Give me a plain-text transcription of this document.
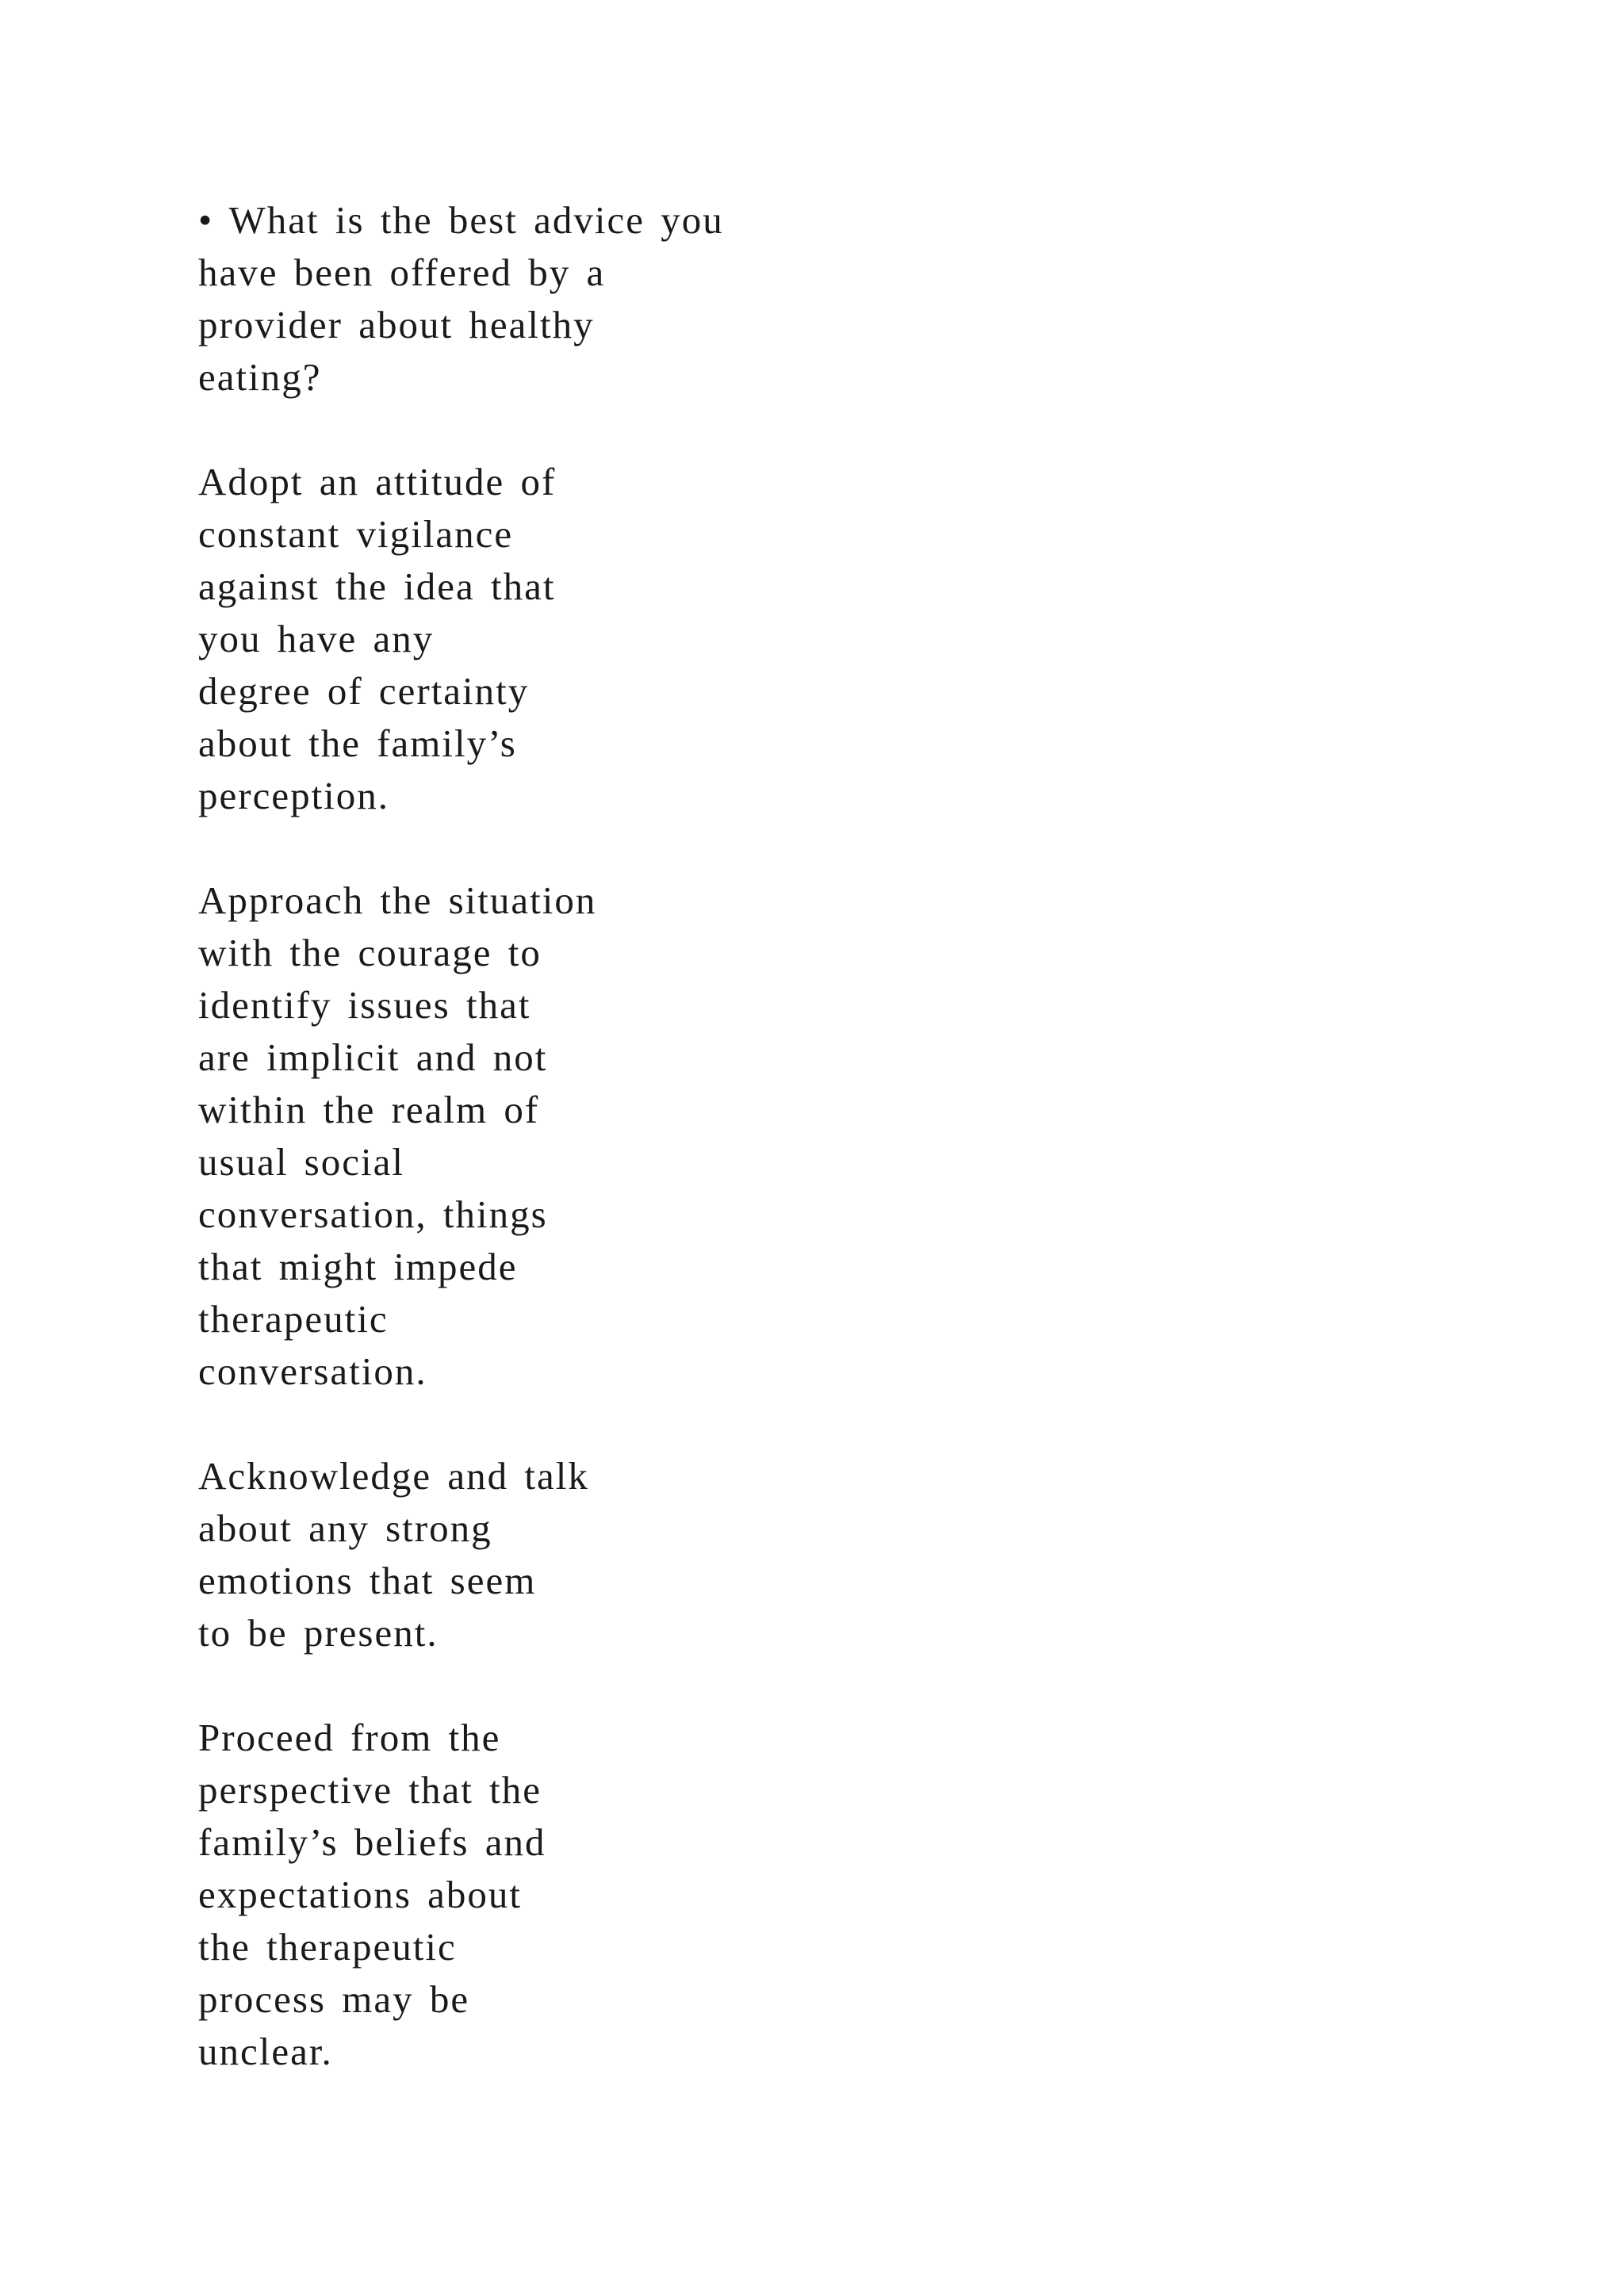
• What is the best advice you
have been offered by a
provider about healthy
eating?
Adopt an attitude of
constant vigilance
against the idea that
you have any
degree of certainty
about the family’s
perception.
Approach the situation
with the courage to
identify issues that
are implicit and not
within the realm of
usual social
conversation, things
that might impede
therapeutic
conversation.
Acknowledge and talk
about any strong
emotions that seem
to be present.
Proceed from the
perspective that the
family’s beliefs and
expectations about
the therapeutic
process may be
unclear.
